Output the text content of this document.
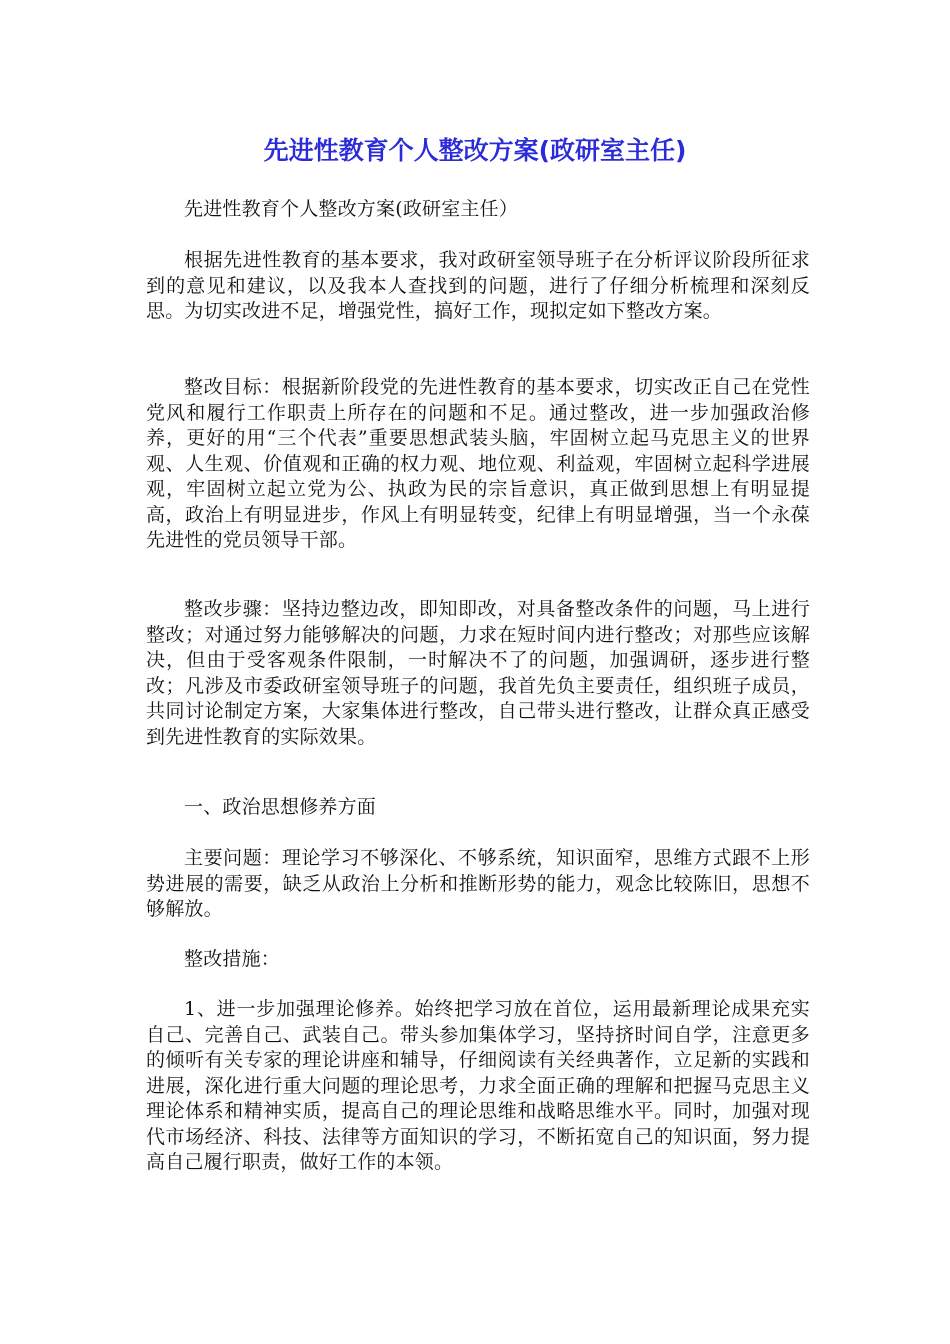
先进性教育个人整改方案(政研室主任)

先进性教育个人整改方案(政研室主任）

根据先进性教育的基本要求，我对政研室领导班子在分析评议阶段所征求到的意见和建议，以及我本人查找到的问题，进行了仔细分析梳理和深刻反思。为切实改进不足，增强党性，搞好工作，现拟定如下整改方案。

整改目标：根据新阶段党的先进性教育的基本要求，切实改正自己在党性党风和履行工作职责上所存在的问题和不足。通过整改，进一步加强政治修养，更好的用“三个代表”重要思想武装头脑，牢固树立起马克思主义的世界观、人生观、价值观和正确的权力观、地位观、利益观，牢固树立起科学进展观，牢固树立起立党为公、执政为民的宗旨意识，真正做到思想上有明显提高，政治上有明显进步，作风上有明显转变，纪律上有明显增强，当一个永葆先进性的党员领导干部。

整改步骤：坚持边整边改，即知即改，对具备整改条件的问题，马上进行整改；对通过努力能够解决的问题，力求在短时间内进行整改；对那些应该解决，但由于受客观条件限制，一时解决不了的问题，加强调研，逐步进行整改；凡涉及市委政研室领导班子的问题，我首先负主要责任，组织班子成员，共同讨论制定方案，大家集体进行整改，自己带头进行整改，让群众真正感受到先进性教育的实际效果。

一、政治思想修养方面

主要问题：理论学习不够深化、不够系统，知识面窄，思维方式跟不上形势进展的需要，缺乏从政治上分析和推断形势的能力，观念比较陈旧，思想不够解放。

整改措施：

1、进一步加强理论修养。始终把学习放在首位，运用最新理论成果充实自己、完善自己、武装自己。带头参加集体学习，坚持挤时间自学，注意更多的倾听有关专家的理论讲座和辅导，仔细阅读有关经典著作，立足新的实践和进展，深化进行重大问题的理论思考，力求全面正确的理解和把握马克思主义理论体系和精神实质，提高自己的理论思维和战略思维水平。同时，加强对现代市场经济、科技、法律等方面知识的学习，不断拓宽自己的知识面，努力提高自己履行职责，做好工作的本领。
